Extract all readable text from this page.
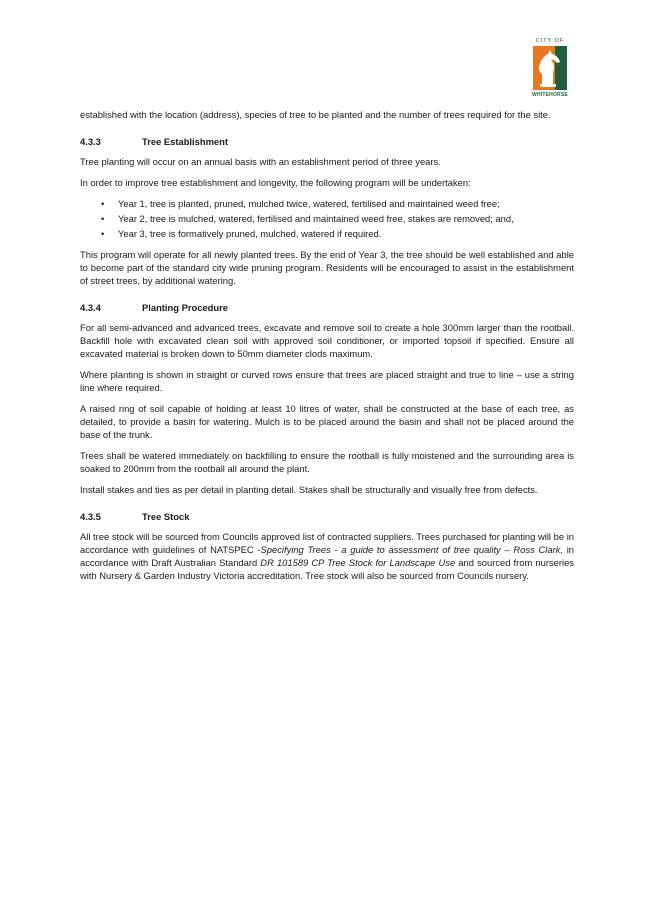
CITY OF
WHITEHORSE

established with the location (address), species of tree to be planted and the number of trees required for the site.

4.3.3	Tree Establishment

Tree planting will occur on an annual basis with an establishment period of three years.

In order to improve tree establishment and longevity, the following program will be undertaken:

• Year 1, tree is planted, pruned, mulched twice, watered, fertilised and maintained weed free;
• Year 2, tree is mulched, watered, fertilised and maintained weed free, stakes are removed; and,
• Year 3, tree is formatively pruned, mulched, watered if required.

This program will operate for all newly planted trees. By the end of Year 3, the tree should be well established and able to become part of the standard city wide pruning program. Residents will be encouraged to assist in the establishment of street trees, by additional watering.

4.3.4	Planting Procedure

For all semi-advanced and advanced trees, excavate and remove soil to create a hole 300mm larger than the rootball. Backfill hole with excavated clean soil with approved soil conditioner, or imported topsoil if specified. Ensure all excavated material is broken down to 50mm diameter clods maximum.

Where planting is shown in straight or curved rows ensure that trees are placed straight and true to line – use a string line where required.

A raised ring of soil capable of holding at least 10 litres of water, shall be constructed at the base of each tree, as detailed, to provide a basin for watering. Mulch is to be placed around the basin and shall not be placed around the base of the trunk.

Trees shall be watered immediately on backfilling to ensure the rootball is fully moistened and the surrounding area is soaked to 200mm from the rootball all around the plant.

Install stakes and ties as per detail in planting detail. Stakes shall be structurally and visually free from defects.

4.3.5	Tree Stock

All tree stock will be sourced from Councils approved list of contracted suppliers. Trees purchased for planting will be in accordance with guidelines of NATSPEC -Specifying Trees - a guide to assessment of tree quality – Ross Clark, in accordance with Draft Australian Standard DR 101589 CP Tree Stock for Landscape Use and sourced from nurseries with Nursery & Garden Industry Victoria accreditation. Tree stock will also be sourced from Councils nursery.
